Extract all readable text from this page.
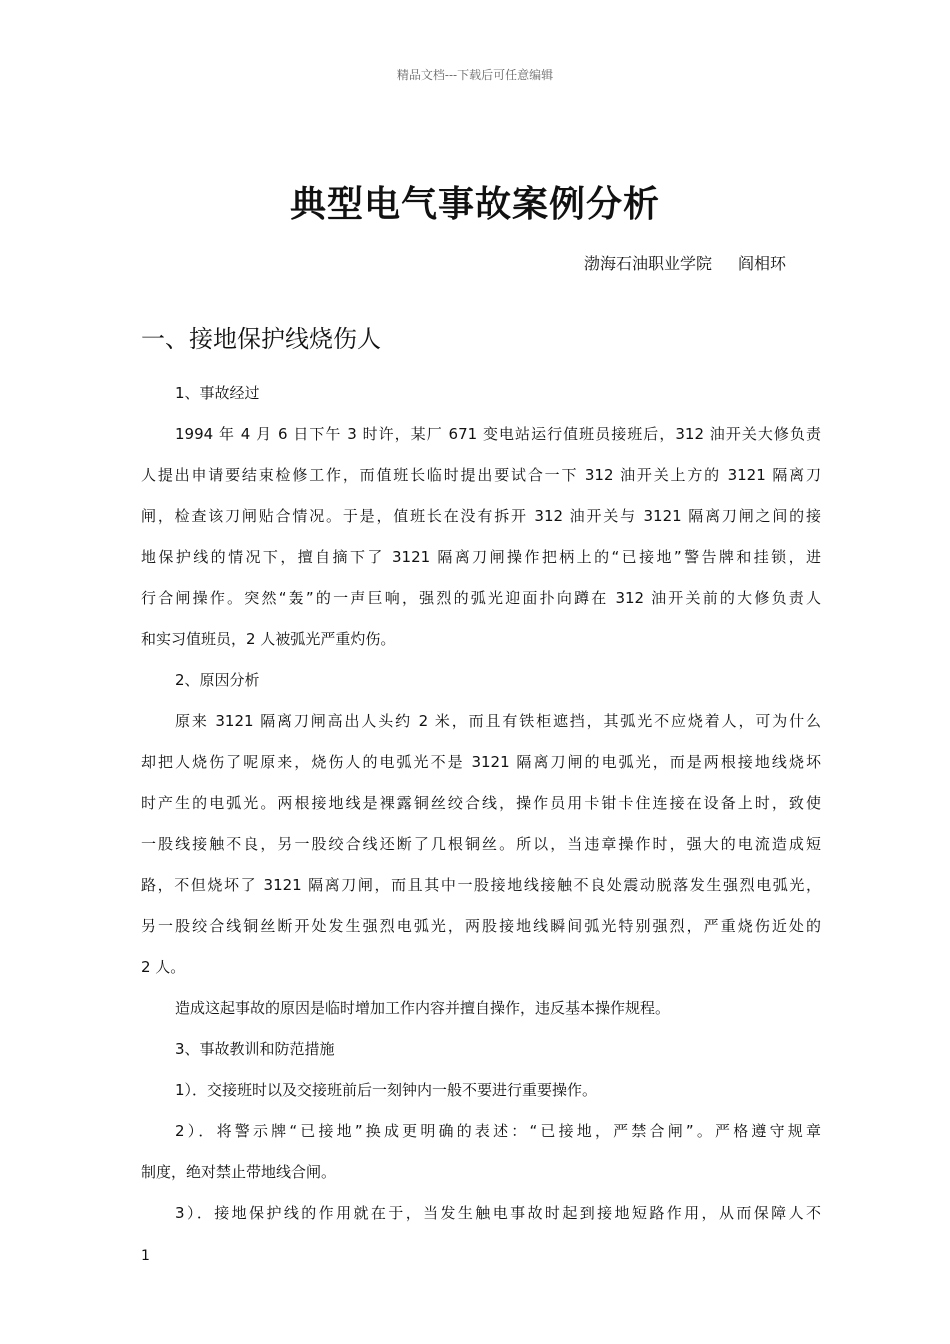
精品文档---下载后可任意编辑
典型电气事故案例分析
渤海石油职业学院 阎相环
一、接地保护线烧伤人

1、事故经过

1994 年 4 月 6 日下午 3 时许，某厂 671 变电站运行值班员接班后，312 油开关大修负责

人提出申请要结束检修工作，而值班长临时提出要试合一下 312 油开关上方的 3121 隔离刀

闸，检查该刀闸贴合情况。于是，值班长在没有拆开 312 油开关与 3121 隔离刀闸之间的接

地保护线的情况下，擅自摘下了 3121 隔离刀闸操作把柄上的“已接地”警告牌和挂锁，进

行合闸操作。突然“轰”的一声巨响，强烈的弧光迎面扑向蹲在 312 油开关前的大修负责人

和实习值班员，2 人被弧光严重灼伤。

2、原因分析

原来 3121 隔离刀闸高出人头约 2 米，而且有铁柜遮挡，其弧光不应烧着人，可为什么

却把人烧伤了呢原来，烧伤人的电弧光不是 3121 隔离刀闸的电弧光，而是两根接地线烧坏

时产生的电弧光。两根接地线是裸露铜丝绞合线，操作员用卡钳卡住连接在设备上时，致使

一股线接触不良，另一股绞合线还断了几根铜丝。所以，当违章操作时，强大的电流造成短

路，不但烧坏了 3121 隔离刀闸，而且其中一股接地线接触不良处震动脱落发生强烈电弧光，

另一股绞合线铜丝断开处发生强烈电弧光，两股接地线瞬间弧光特别强烈，严重烧伤近处的

2 人。

造成这起事故的原因是临时增加工作内容并擅自操作，违反基本操作规程。

3、事故教训和防范措施

1）．交接班时以及交接班前后一刻钟内一般不要进行重要操作。

2）．将警示牌“已接地”换成更明确的表述：“已接地，严禁合闸”。严格遵守规章

制度，绝对禁止带地线合闸。

3）．接地保护线的作用就在于，当发生触电事故时起到接地短路作用，从而保障人不

1
